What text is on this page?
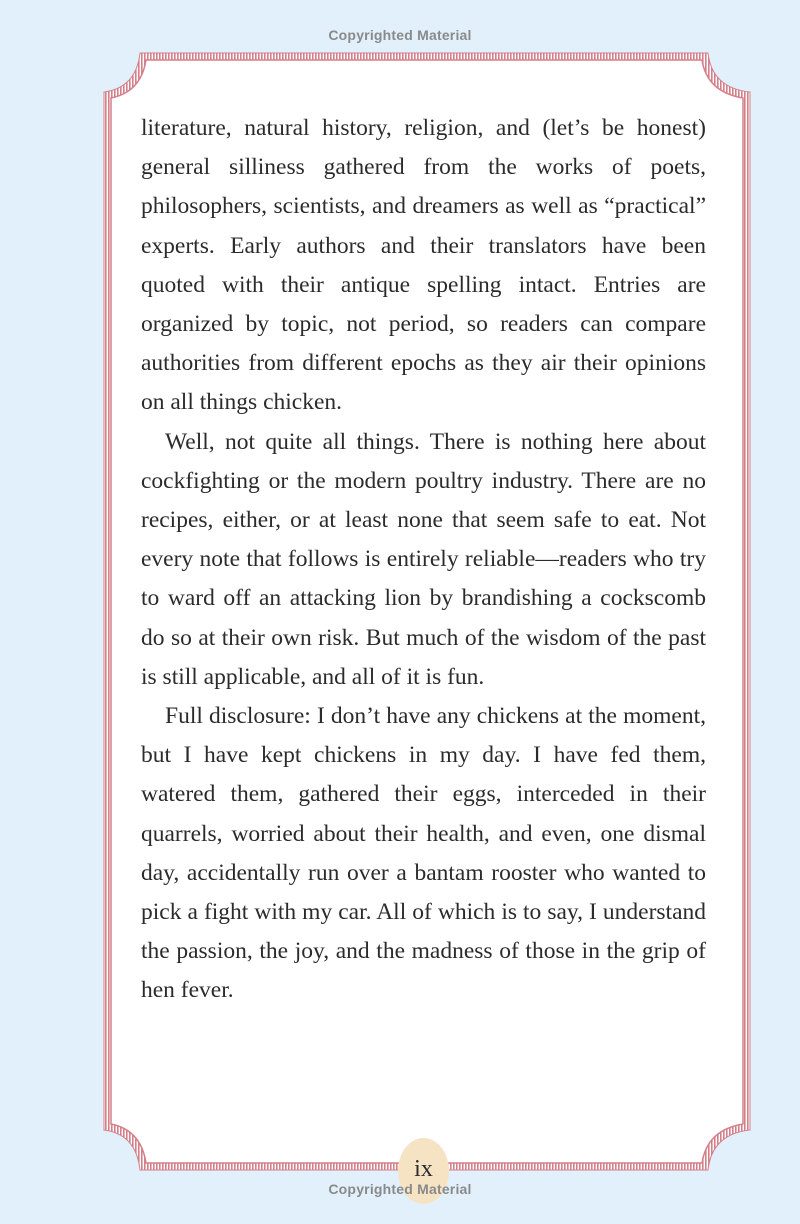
Copyrighted Material

literature, natural history, religion, and (let’s be honest) general silliness gathered from the works of poets, philosophers, scientists, and dreamers as well as “practical” experts. Early authors and their translators have been quoted with their antique spelling intact. Entries are organized by topic, not period, so readers can compare authorities from different epochs as they air their opinions on all things chicken.

Well, not quite all things. There is nothing here about cockfighting or the modern poultry industry. There are no recipes, either, or at least none that seem safe to eat. Not every note that follows is entirely reliable—readers who try to ward off an attacking lion by brandishing a cockscomb do so at their own risk. But much of the wisdom of the past is still applicable, and all of it is fun.

Full disclosure: I don’t have any chickens at the moment, but I have kept chickens in my day. I have fed them, watered them, gathered their eggs, interceded in their quarrels, worried about their health, and even, one dismal day, accidentally run over a bantam rooster who wanted to pick a fight with my car. All of which is to say, I understand the passion, the joy, and the madness of those in the grip of hen fever.

ix
Copyrighted Material
